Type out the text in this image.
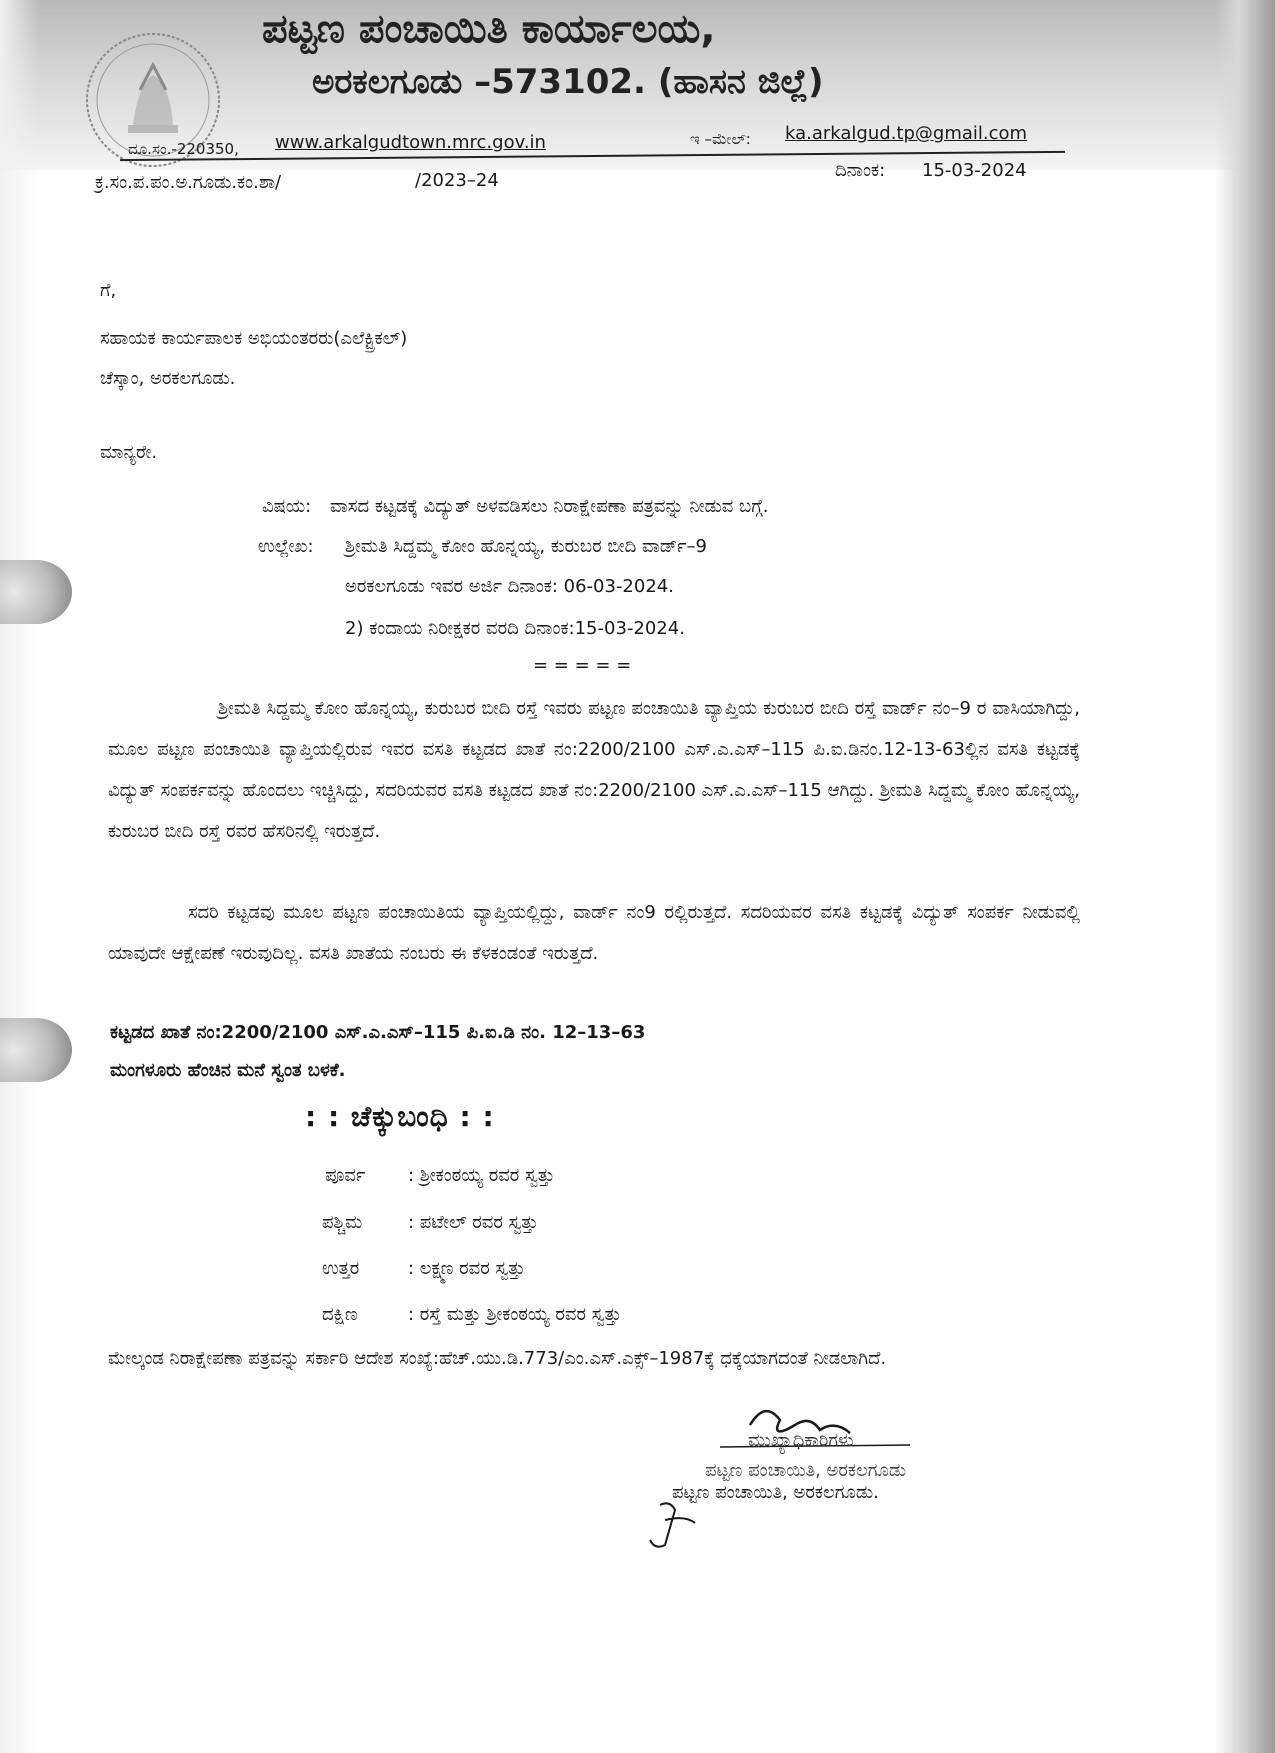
ಪಟ್ಟಣ ಪಂಚಾಯಿತಿ ಕಾರ್ಯಾಲಯ,
ಅರಕಲಗೂಡು –573102. (ಹಾಸನ ಜಿಲ್ಲೆ)
ದೂ.ಸಂ.-220350, www.arkalgudtown.mrc.gov.in	ಇ –ಮೇಲ್: ka.arkalgud.tp@gmail.com
ಕ್ರ.ಸಂ.ಪ.ಪಂ.ಅ.ಗೂಡು.ಕಂ.ಶಾ/	/2023–24	ದಿನಾಂಕ: 15-03-2024
ಗೆ,
ಸಹಾಯಕ ಕಾರ್ಯಪಾಲಕ ಅಭಿಯಂತರರು(ಎಲೆಕ್ಟ್ರಿಕಲ್)
ಚೆಸ್ಕಾಂ, ಅರಕಲಗೂಡು.
ಮಾನ್ಯರೇ.
ವಿಷಯ: ವಾಸದ ಕಟ್ಟಡಕ್ಕೆ ವಿದ್ಯುತ್ ಅಳವಡಿಸಲು ನಿರಾಕ್ಷೇಪಣಾ ಪತ್ರವನ್ನು ನೀಡುವ ಬಗ್ಗೆ.
ಉಲ್ಲೇಖ: ಶ್ರೀಮತಿ ಸಿದ್ದಮ್ಮ ಕೋಂ ಹೊನ್ನಯ್ಯ, ಕುರುಬರ ಬೀದಿ ವಾರ್ಡ್–9
ಅರಕಲಗೂಡು ಇವರ ಅರ್ಜಿ ದಿನಾಂಕ: 06-03-2024.
2) ಕಂದಾಯ ನಿರೀಕ್ಷಕರ ವರದಿ ದಿನಾಂಕ:15-03-2024.
= = = = =
ಶ್ರೀಮತಿ ಸಿದ್ದಮ್ಮ ಕೋಂ ಹೊನ್ನಯ್ಯ, ಕುರುಬರ ಬೀದಿ ರಸ್ತೆ ಇವರು ಪಟ್ಟಣ ಪಂಚಾಯಿತಿ ವ್ಯಾಪ್ತಿಯ ಕುರುಬರ ಬೀದಿ ರಸ್ತೆ ವಾರ್ಡ್ ನಂ–9 ರ ವಾಸಿಯಾಗಿದ್ದು, ಮೂಲ ಪಟ್ಟಣ ಪಂಚಾಯಿತಿ ವ್ಯಾಪ್ತಿಯಲ್ಲಿರುವ ಇವರ ವಸತಿ ಕಟ್ಟಡದ ಖಾತೆ ನಂ:2200/2100 ಎಸ್.ಎ.ಎಸ್–115 ಪಿ.ಐ.ಡಿನಂ.12-13-63ಲ್ಲಿನ ವಸತಿ ಕಟ್ಟಡಕ್ಕೆ ವಿದ್ಯುತ್ ಸಂಪರ್ಕವನ್ನು ಹೊಂದಲು ಇಚ್ಚಿಸಿದ್ದು, ಸದರಿಯವರ ವಸತಿ ಕಟ್ಟಡದ ಖಾತೆ ನಂ:2200/2100 ಎಸ್.ಎ.ಎಸ್–115 ಆಗಿದ್ದು. ಶ್ರೀಮತಿ ಸಿದ್ದಮ್ಮ ಕೋಂ ಹೊನ್ನಯ್ಯ, ಕುರುಬರ ಬೀದಿ ರಸ್ತೆ ರವರ ಹೆಸರಿನಲ್ಲಿ ಇರುತ್ತದೆ.
ಸದರಿ ಕಟ್ಟಡವು ಮೂಲ ಪಟ್ಟಣ ಪಂಚಾಯಿತಿಯ ವ್ಯಾಪ್ತಿಯಲ್ಲಿದ್ದು, ವಾರ್ಡ್ ನಂ9 ರಲ್ಲಿರುತ್ತದೆ. ಸದರಿಯವರ ವಸತಿ ಕಟ್ಟಡಕ್ಕೆ ವಿದ್ಯುತ್ ಸಂಪರ್ಕ ನೀಡುವಲ್ಲಿ ಯಾವುದೇ ಆಕ್ಷೇಪಣೆ ಇರುವುದಿಲ್ಲ. ವಸತಿ ಖಾತೆಯ ನಂಬರು ಈ ಕೆಳಕಂಡಂತೆ ಇರುತ್ತದೆ.
ಕಟ್ಟಡದ ಖಾತೆ ನಂ:2200/2100 ಎಸ್.ಎ.ಎಸ್–115 ಪಿ.ಐ.ಡಿ ನಂ. 12–13–63
ಮಂಗಳೂರು ಹೆಂಚಿನ ಮನೆ ಸ್ವಂತ ಬಳಕೆ.
: : ಚೆಕ್ಕುಬಂಧಿ : :
ಪೂರ್ವ : ಶ್ರೀಕಂಠಯ್ಯ ರವರ ಸ್ವತ್ತು
ಪಶ್ಚಿಮ	: ಪಟೇಲ್ ರವರ ಸ್ವತ್ತು
ಉತ್ತರ	: ಲಕ್ಷ್ಮಣ ರವರ ಸ್ವತ್ತು
ದಕ್ಷಿಣ	: ರಸ್ತೆ ಮತ್ತು ಶ್ರೀಕಂಠಯ್ಯ ರವರ ಸ್ವತ್ತು
ಮೇಲ್ಕಂಡ ನಿರಾಕ್ಷೇಪಣಾ ಪತ್ರವನ್ನು ಸರ್ಕಾರಿ ಆದೇಶ ಸಂಖ್ಯೆ:ಹೆಚ್.ಯು.ಡಿ.773/ಎಂ.ಎಸ್.ಎಕ್ಸ್–1987ಕ್ಕೆ ಧಕ್ಕೆಯಾಗದಂತೆ ನೀಡಲಾಗಿದೆ.
ಮುಖ್ಯಾಧಿಕಾರಿಗಳು
ಪಟ್ಟಣ ಪಂಚಾಯಿತಿ, ಅರಕಲಗೂಡು
ಪಟ್ಟಣ ಪಂಚಾಯಿತಿ, ಅರಕಲಗೂಡು.
